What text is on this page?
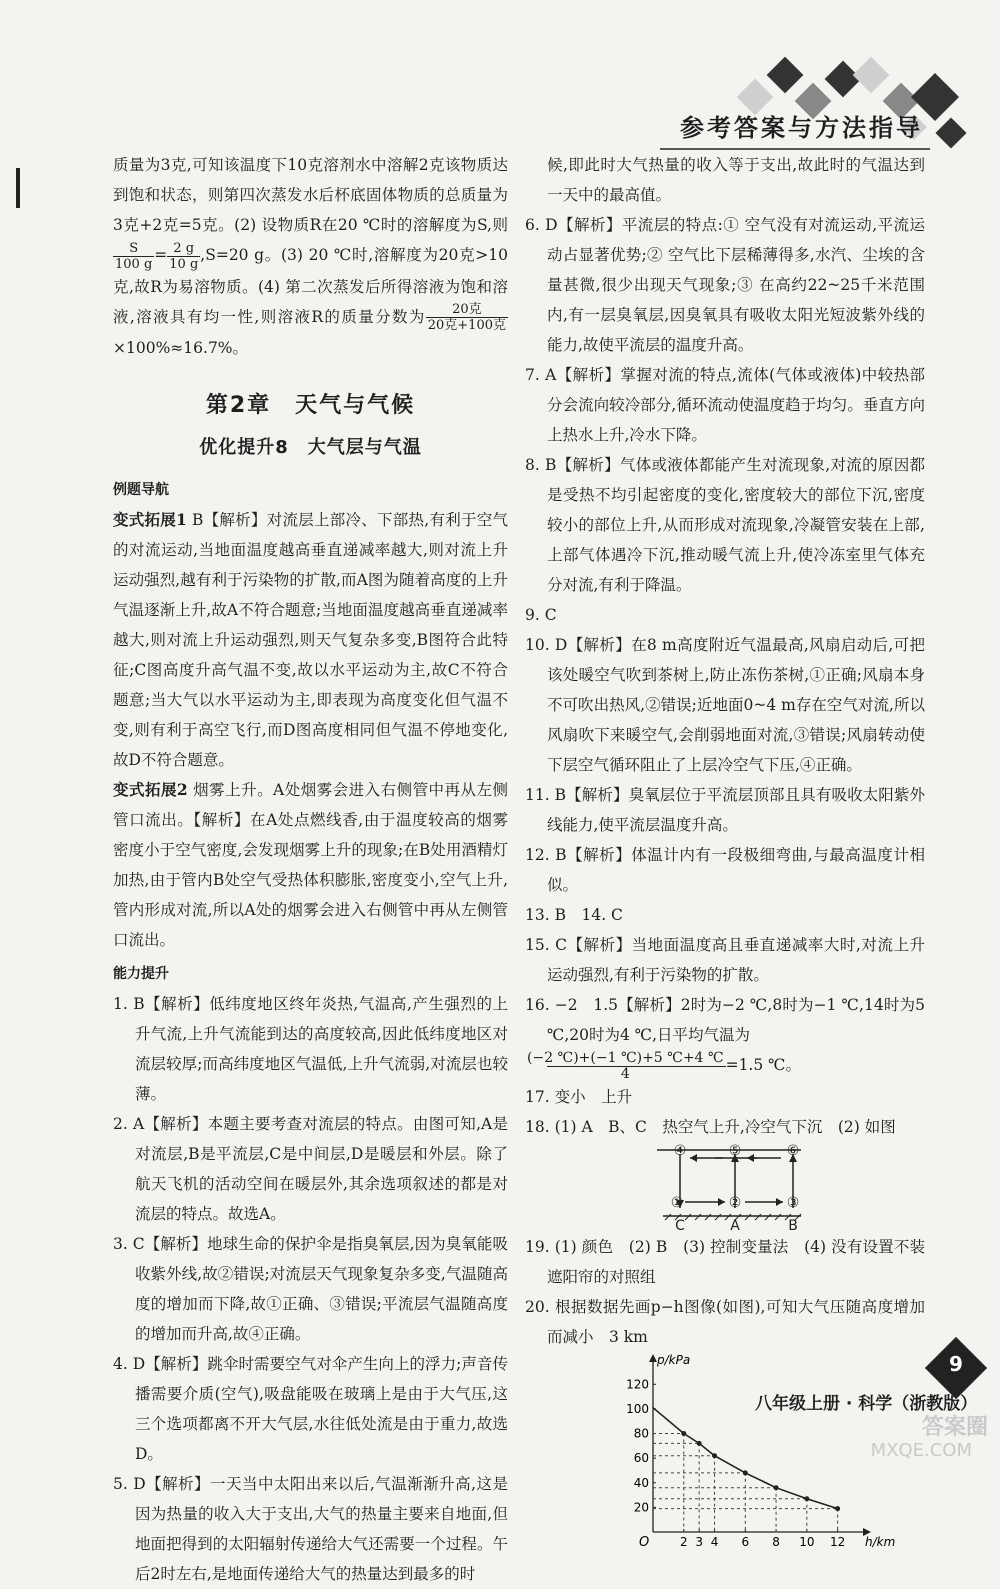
参考答案与方法指导

质量为3克,可知该温度下10克溶剂水中溶解2克该物质达到饱和状态，则第四次蒸发水后杯底固体物质的总质量为3克+2克=5克。(2) 设物质R在20 ℃时的溶解度为S,则
$\frac{S}{100 g} = \frac{2 g}{10 g} ,S=20$ g。(3) 20 ℃时,溶解度为20克>10克,故R为易溶物质。(4) 第二次蒸发后所得溶液为饱和溶液,溶液具有均一性,则溶液R的质量分数为 $\frac{\text{20克}}{\text{20克+100克}}$
×100%≈16.7%。

第2章　天气与气候
优化提升8　大气层与气温
例题导航

变式拓展1 B【解析】对流层上部冷、下部热,有利于空气的对流运动,当地面温度越高垂直递减率越大,则对流上升运动强烈,越有利于污染物的扩散,而A图为随着高度的上升气温逐渐上升,故A不符合题意;当地面温度越高垂直递减率越大,则对流上升运动强烈,则天气复杂多变,B图符合此特征;C图高度升高气温不变,故以水平运动为主,故C不符合题意;当大气以水平运动为主,即表现为高度变化但气温不变,则有利于高空飞行,而D图高度相同但气温不停地变化,故D不符合题意。

变式拓展2 烟雾上升。A处烟雾会进入右侧管中再从左侧管口流出。【解析】在A处点燃线香,由于温度较高的烟雾密度小于空气密度,会发现烟雾上升的现象;在B处用酒精灯加热,由于管内B处空气受热体积膨胀,密度变小,空气上升,管内形成对流,所以A处的烟雾会进入右侧管中再从左侧管口流出。

能力提升

1. B【解析】低纬度地区终年炎热,气温高,产生强烈的上升气流,上升气流能到达的高度较高,因此低纬度地区对流层较厚;而高纬度地区气温低,上升气流弱,对流层也较薄。

2. A【解析】本题主要考查对流层的特点。由图可知,A是对流层,B是平流层,C是中间层,D是暖层和外层。除了航天飞机的活动空间在暖层外,其余选项叙述的都是对流层的特点。故选A。

3. C【解析】地球生命的保护伞是指臭氧层,因为臭氧能吸收紫外线,故②错误;对流层天气现象复杂多变,气温随高度的增加而下降,故①正确、③错误;平流层气温随高度的增加而升高,故④正确。

4. D【解析】跳伞时需要空气对伞产生向上的浮力;声音传播需要介质(空气),吸盘能吸在玻璃上是由于大气压,这三个选项都离不开大气层,水往低处流是由于重力,故选D。

5. D【解析】一天当中太阳出来以后,气温渐渐升高,这是因为热量的收入大于支出,大气的热量主要来自地面,但地面把得到的太阳辐射传递给大气还需要一个过程。午后2时左右,是地面传递给大气的热量达到最多的时

候,即此时大气热量的收入等于支出,故此时的气温达到一天中的最高值。

6. D【解析】平流层的特点:① 空气没有对流运动,平流运动占显著优势;② 空气比下层稀薄得多,水汽、尘埃的含量甚微,很少出现天气现象;③ 在高约22~25千米范围内,有一层臭氧层,因臭氧具有吸收太阳光短波紫外线的能力,故使平流层的温度升高。

7. A【解析】掌握对流的特点,流体(气体或液体)中较热部分会流向较冷部分,循环流动使温度趋于均匀。垂直方向上热水上升,冷水下降。

8. B【解析】气体或液体都能产生对流现象,对流的原因都是受热不均引起密度的变化,密度较大的部位下沉,密度较小的部位上升,从而形成对流现象,冷凝管安装在上部,上部气体遇冷下沉,推动暖气流上升,使冷冻室里气体充分对流,有利于降温。

9. C

10. D【解析】在8 m高度附近气温最高,风扇启动后,可把该处暖空气吹到茶树上,防止冻伤茶树,①正确;风扇本身不可吹出热风,②错误;近地面0~4 m存在空气对流,所以风扇吹下来暖空气,会削弱地面对流,③错误;风扇转动使下层空气循环阻止了上层冷空气下压,④正确。

11. B【解析】臭氧层位于平流层顶部且具有吸收太阳紫外线能力,使平流层温度升高。

12. B【解析】体温计内有一段极细弯曲,与最高温度计相似。

13. B　14. C

15. C【解析】当地面温度高且垂直递减率大时,对流上升运动强烈,有利于污染物的扩散。

16. −2　1.5【解析】2时为−2 ℃,8时为−1 ℃,14时为5 ℃,20时为4 ℃,日平均气温为

$\frac{(-2 ℃)+(-1 ℃)+5 ℃+4 ℃}{4} =1.5$ ℃。

17. 变小　上升

18. (1) A　B、C　热空气上升,冷空气下沉　(2) 如图

④	⑤	⑥
①	②	③
C	A	B

19. (1) 颜色　(2) B　(3) 控制变量法　(4) 没有设置不装遮阳帘的对照组

20. 根据数据先画p−h图像(如图),可知大气压随高度增加而减小　3 km

h/km
p/kPa
O	2 3 4 6 8 10 12
20
40
60
80
100
120
八年级上册 · 科学（浙教版）
9
答案圈
MXQE.COM
